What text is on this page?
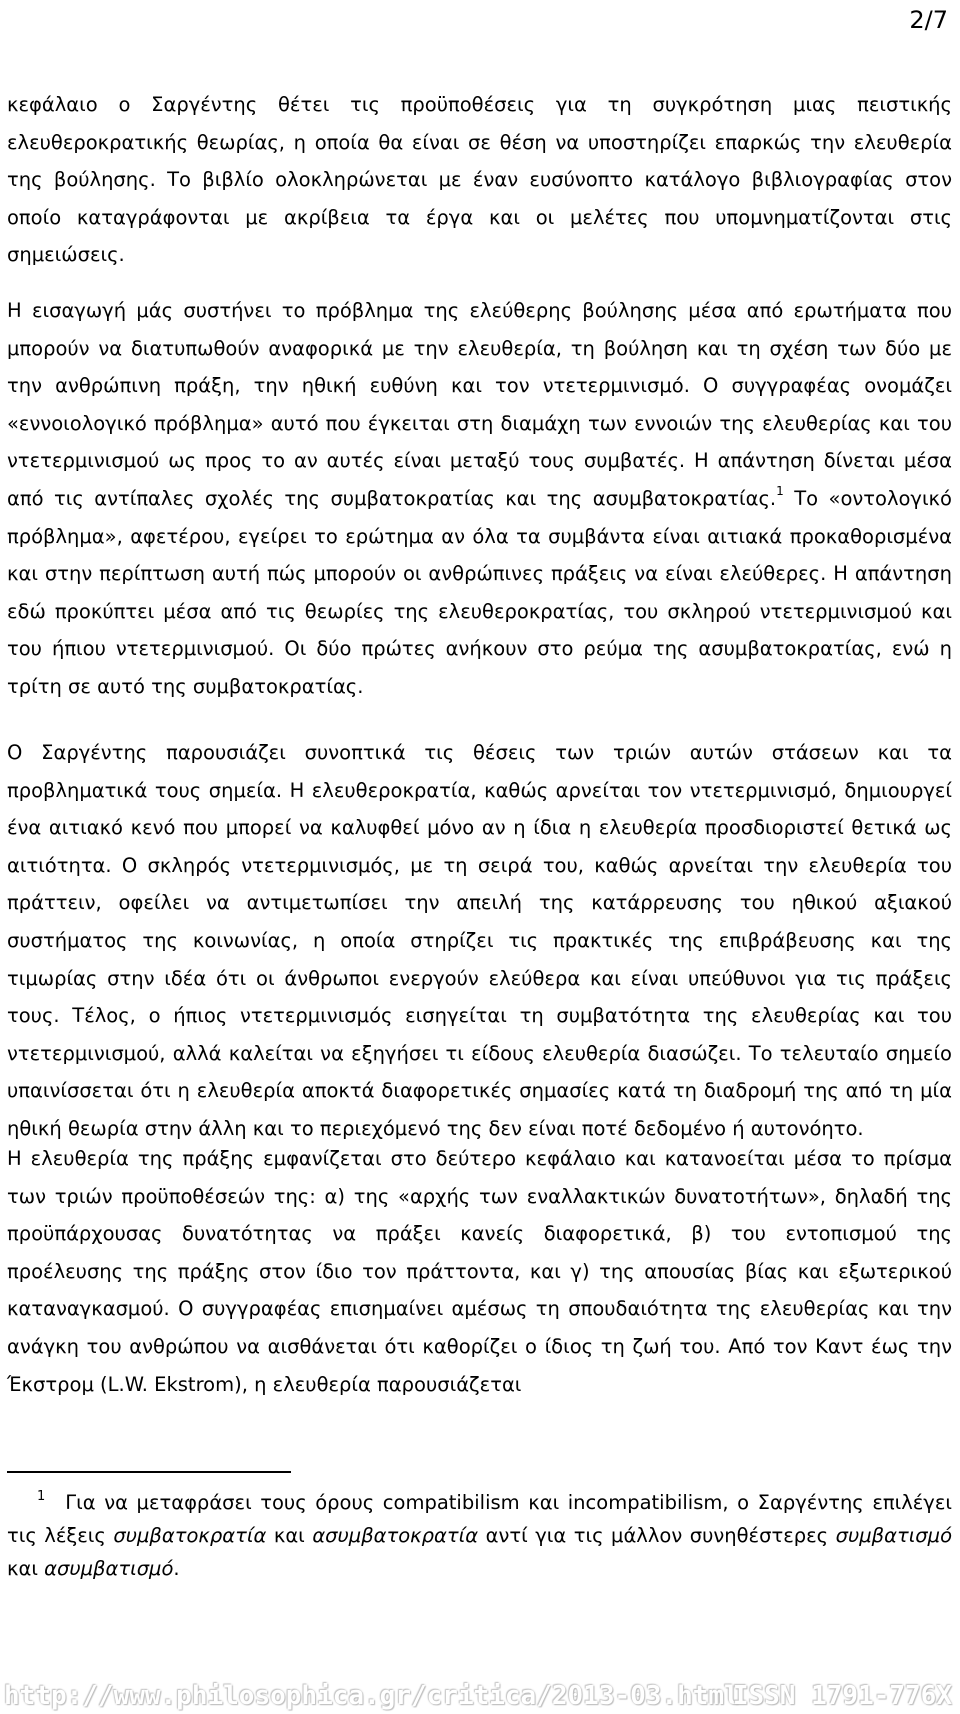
2/7

κεφάλαιο ο Σαργέντης θέτει τις προϋποθέσεις για τη συγκρότηση μιας πειστικής ελευθεροκρατικής θεωρίας, η οποία θα είναι σε θέση να υποστηρίζει επαρκώς την ελευθερία της βούλησης. Το βιβλίο ολοκληρώνεται με έναν ευσύνοπτο κατάλογο βιβλιογραφίας στον οποίο καταγράφονται με ακρίβεια τα έργα και οι μελέτες που υπομνηματίζονται στις σημειώσεις.

Η εισαγωγή μάς συστήνει το πρόβλημα της ελεύθερης βούλησης μέσα από ερωτήματα που μπορούν να διατυπωθούν αναφορικά με την ελευθερία, τη βούληση και τη σχέση των δύο με την ανθρώπινη πράξη, την ηθική ευθύνη και τον ντετερμινισμό. Ο συγγραφέας ονομάζει «εννοιολογικό πρόβλημα» αυτό που έγκειται στη διαμάχη των εννοιών της ελευθερίας και του ντετερμινισμού ως προς το αν αυτές είναι μεταξύ τους συμβατές. Η απάντηση δίνεται μέσα από τις αντίπαλες σχολές της συμβατοκρατίας και της ασυμβατοκρατίας.$^1$ Το «οντολογικό πρόβλημα», αφετέρου, εγείρει το ερώτημα αν όλα τα συμβάντα είναι αιτιακά προκαθορισμένα και στην περίπτωση αυτή πώς μπορούν οι ανθρώπινες πράξεις να είναι ελεύθερες. Η απάντηση εδώ προκύπτει μέσα από τις θεωρίες της ελευθεροκρατίας, του σκληρού ντετερμινισμού και του ήπιου ντετερμινισμού. Οι δύο πρώτες ανήκουν στο ρεύμα της ασυμβατοκρατίας, ενώ η τρίτη σε αυτό της συμβατοκρατίας.

Ο Σαργέντης παρουσιάζει συνοπτικά τις θέσεις των τριών αυτών στάσεων και τα προβληματικά τους σημεία. Η ελευθεροκρατία, καθώς αρνείται τον ντετερμινισμό, δημιουργεί ένα αιτιακό κενό που μπορεί να καλυφθεί μόνο αν η ίδια η ελευθερία προσδιοριστεί θετικά ως αιτιότητα. Ο σκληρός ντετερμινισμός, με τη σειρά του, καθώς αρνείται την ελευθερία του πράττειν, οφείλει να αντιμετωπίσει την απειλή της κατάρρευσης του ηθικού αξιακού συστήματος της κοινωνίας, η οποία στηρίζει τις πρακτικές της επιβράβευσης και της τιμωρίας στην ιδέα ότι οι άνθρωποι ενεργούν ελεύθερα και είναι υπεύθυνοι για τις πράξεις τους. Τέλος, ο ήπιος ντετερμινισμός εισηγείται τη συμβατότητα της ελευθερίας και του ντετερμινισμού, αλλά καλείται να εξηγήσει τι είδους ελευθερία διασώζει. Το τελευταίο σημείο υπαινίσσεται ότι η ελευθερία αποκτά διαφορετικές σημασίες κατά τη διαδρομή της από τη μία ηθική θεωρία στην άλλη και το περιεχόμενό της δεν είναι ποτέ δεδομένο ή αυτονόητο.

Η ελευθερία της πράξης εμφανίζεται στο δεύτερο κεφάλαιο και κατανοείται μέσα το πρίσμα των τριών προϋποθέσεών της: α) της «αρχής των εναλλακτικών δυνατοτήτων», δηλαδή της προϋπάρχουσας δυνατότητας να πράξει κανείς διαφορετικά, β) του εντοπισμού της προέλευσης της πράξης στον ίδιο τον πράττοντα, και γ) της απουσίας βίας και εξωτερικού καταναγκασμού. Ο συγγραφέας επισημαίνει αμέσως τη σπουδαιότητα της ελευθερίας και την ανάγκη του ανθρώπου να αισθάνεται ότι καθορίζει ο ίδιος τη ζωή του. Από τον Καντ έως την Έκστρομ (L.W. Ekstrom), η ελευθερία παρουσιάζεται

$^1$ Για να μεταφράσει τους όρους compatibilism και incompatibilism, ο Σαργέντης επιλέγει τις λέξεις συμβατοκρατία και ασυμβατοκρατία αντί για τις μάλλον συνηθέστερες συμβατισμό και ασυμβατισμό.

http://www.philosophica.gr/critica/2013-03.html
ISSN 1791-776X
